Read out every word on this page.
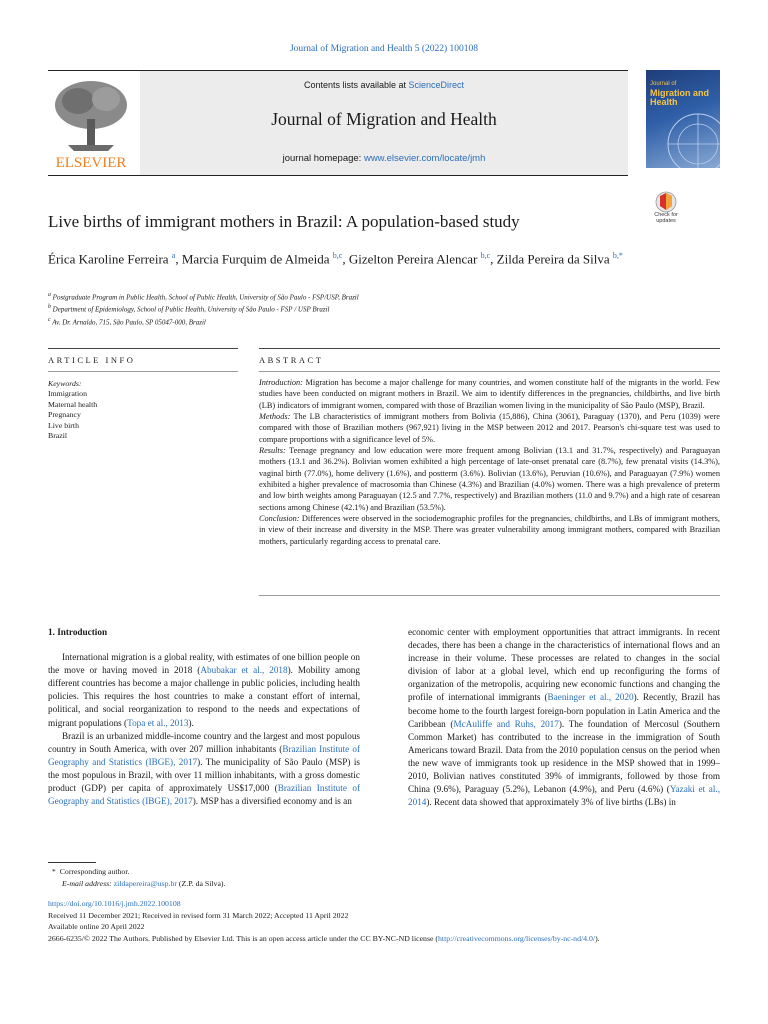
Journal of Migration and Health 5 (2022) 100108
ELSEVIER
Contents lists available at ScienceDirect
Journal of Migration and Health
journal homepage: www.elsevier.com/locate/jmh
Journal of
Migration and
Health
Live births of immigrant mothers in Brazil: A population-based study	Check for
updates
Érica Karoline Ferreira $^a$, Marcia Furquim de Almeida $^{b,c}$, Gizelton Pereira Alencar $^{b,c}$, Zilda Pereira da Silva $^{b,*}$
$^a$ Postgraduate Program in Public Health, School of Public Health, University of São Paulo - FSP/USP, Brazil
$^b$ Department of Epidemiology, School of Public Health, University of São Paulo - FSP / USP Brazil
$^c$ Av. Dr. Arnaldo, 715, São Paulo, SP 05047-000, Brazil
ARTICLE INFO	ABSTRACT
Keywords:
Immigration
Maternal health
Pregnancy
Live birth
Brazil

Introduction: Migration has become a major challenge for many countries, and women constitute half of the migrants in the world. Few studies have been conducted on migrant mothers in Brazil. We aim to identify differences in the pregnancies, childbirths, and live birth (LB) indicators of immigrant women, compared with those of Brazilian women living in the municipality of São Paulo (MSP), Brazil.

Methods: The LB characteristics of immigrant mothers from Bolivia (15,886), China (3061), Paraguay (1370), and Peru (1039) were compared with those of Brazilian mothers (967,921) living in the MSP between 2012 and 2017. Pearson's chi-square test was used to compare proportions with a significance level of 5%.

Results: Teenage pregnancy and low education were more frequent among Bolivian (13.1 and 31.7%, respectively) and Paraguayan mothers (13.1 and 36.2%). Bolivian women exhibited a high percentage of late-onset prenatal care (8.7%), few prenatal visits (14.3%), vaginal birth (77.0%), home delivery (1.6%), and postterm (3.6%). Bolivian (13.6%), Peruvian (10.6%), and Paraguayan (7.9%) women exhibited a higher prevalence of macrosomia than Chinese (4.3%) and Brazilian (4.0%) women. There was a high prevalence of preterm and low birth weights among Paraguayan (12.5 and 7.7%, respectively) and Brazilian mothers (11.0 and 9.7%) and a high rate of cesarean sections among Chinese (42.1%) and Brazilian (53.5%).

Conclusion: Differences were observed in the sociodemographic profiles for the pregnancies, childbirths, and LBs of immigrant mothers, in view of their increase and diversity in the MSP. There was greater vulnerability among immigrant mothers, compared with Brazilian mothers, particularly regarding access to prenatal care.

1. Introduction

International migration is a global reality, with estimates of one billion people on the move or having moved in 2018 (Abubakar et al., 2018). Mobility among different countries has become a major challenge in public policies, including health policies. This requires the host countries to make a constant effort of internal, political, and social reorganization to respond to the needs and expectations of migrant populations (Topa et al., 2013).

Brazil is an urbanized middle-income country and the largest and most populous country in South America, with over 207 million inhabitants (Brazilian Institute of Geography and Statistics (IBGE), 2017). The municipality of São Paulo (MSP) is the most populous in Brazil, with over 11 million inhabitants, with a gross domestic product (GDP) per capita of approximately US$17,000 (Brazilian Institute of Geography and Statistics (IBGE), 2017). MSP has a diversified economy and is an

economic center with employment opportunities that attract immigrants. In recent decades, there has been a change in the characteristics of international flows and an increase in their volume. These processes are related to changes in the social division of labor at a global level, which end up reconfiguring the forms of organization of the metropolis, acquiring new economic functions and changing the profile of international immigrants (Baeninger et al., 2020). Recently, Brazil has become home to the fourth largest foreign-born population in Latin America and the Caribbean (McAuliffe and Ruhs, 2017). The foundation of Mercosul (Southern Common Market) has contributed to the increase in the immigration of South Americans toward Brazil. Data from the 2010 population census on the period when the new wave of immigrants took up residence in the MSP showed that in 1999–2010, Bolivian natives constituted 39% of immigrants, followed by those from China (9.6%), Paraguay (5.2%), Lebanon (4.9%), and Peru (4.6%) (Yazaki et al., 2014). Recent data showed that approximately 3% of live births (LBs) in

* Corresponding author.
E-mail address: zildapereira@usp.br (Z.P. da Silva).
https://doi.org/10.1016/j.jmh.2022.100108
Received 11 December 2021; Received in revised form 31 March 2022; Accepted 11 April 2022
Available online 20 April 2022
2666-6235/© 2022 The Authors. Published by Elsevier Ltd. This is an open access article under the CC BY-NC-ND license (http://creativecommons.org/licenses/by-nc-nd/4.0/).
